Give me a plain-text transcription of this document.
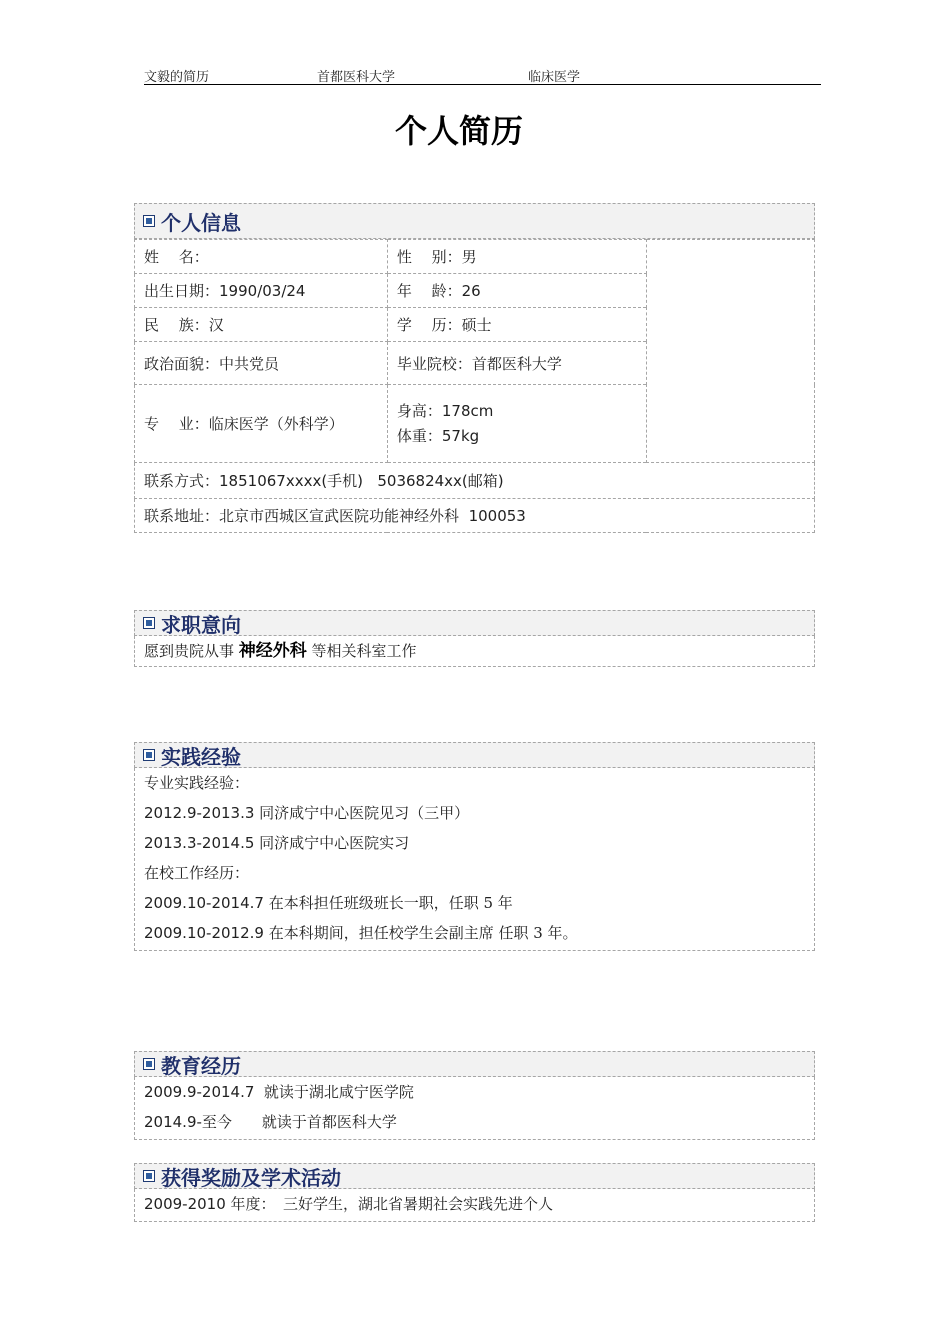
文毅的简历	首都医科大学	临床医学
个人简历
个人信息
姓　 名：	性　 别：男	
出生日期：1990/03/24	年　 龄：26	
民　 族：汉	学　 历：硕士	
政治面貌：中共党员	毕业院校：首都医科大学	
专　 业：临床医学（外科学）	身高：178cm
体重：57kg	

联系方式：1851067xxxx(手机) 5036824xx(邮箱)		
联系地址：北京市西城区宣武医院功能神经外科 100053		
求职意向
愿到贵院从事 神经外科 等相关科室工作
实践经验
专业实践经验：
2012.9-2013.3 同济咸宁中心医院见习（三甲）
2013.3-2014.5 同济咸宁中心医院实习
在校工作经历：
2009.10-2014.7 在本科担任班级班长一职，任职 5 年
2009.10-2012.9 在本科期间，担任校学生会副主席 任职 3 年。
教育经历
2009.9-2014.7  就读于湖北咸宁医学院
2014.9-至今　　就读于首都医科大学
获得奖励及学术活动
2009-2010 年度：　三好学生，湖北省暑期社会实践先进个人
